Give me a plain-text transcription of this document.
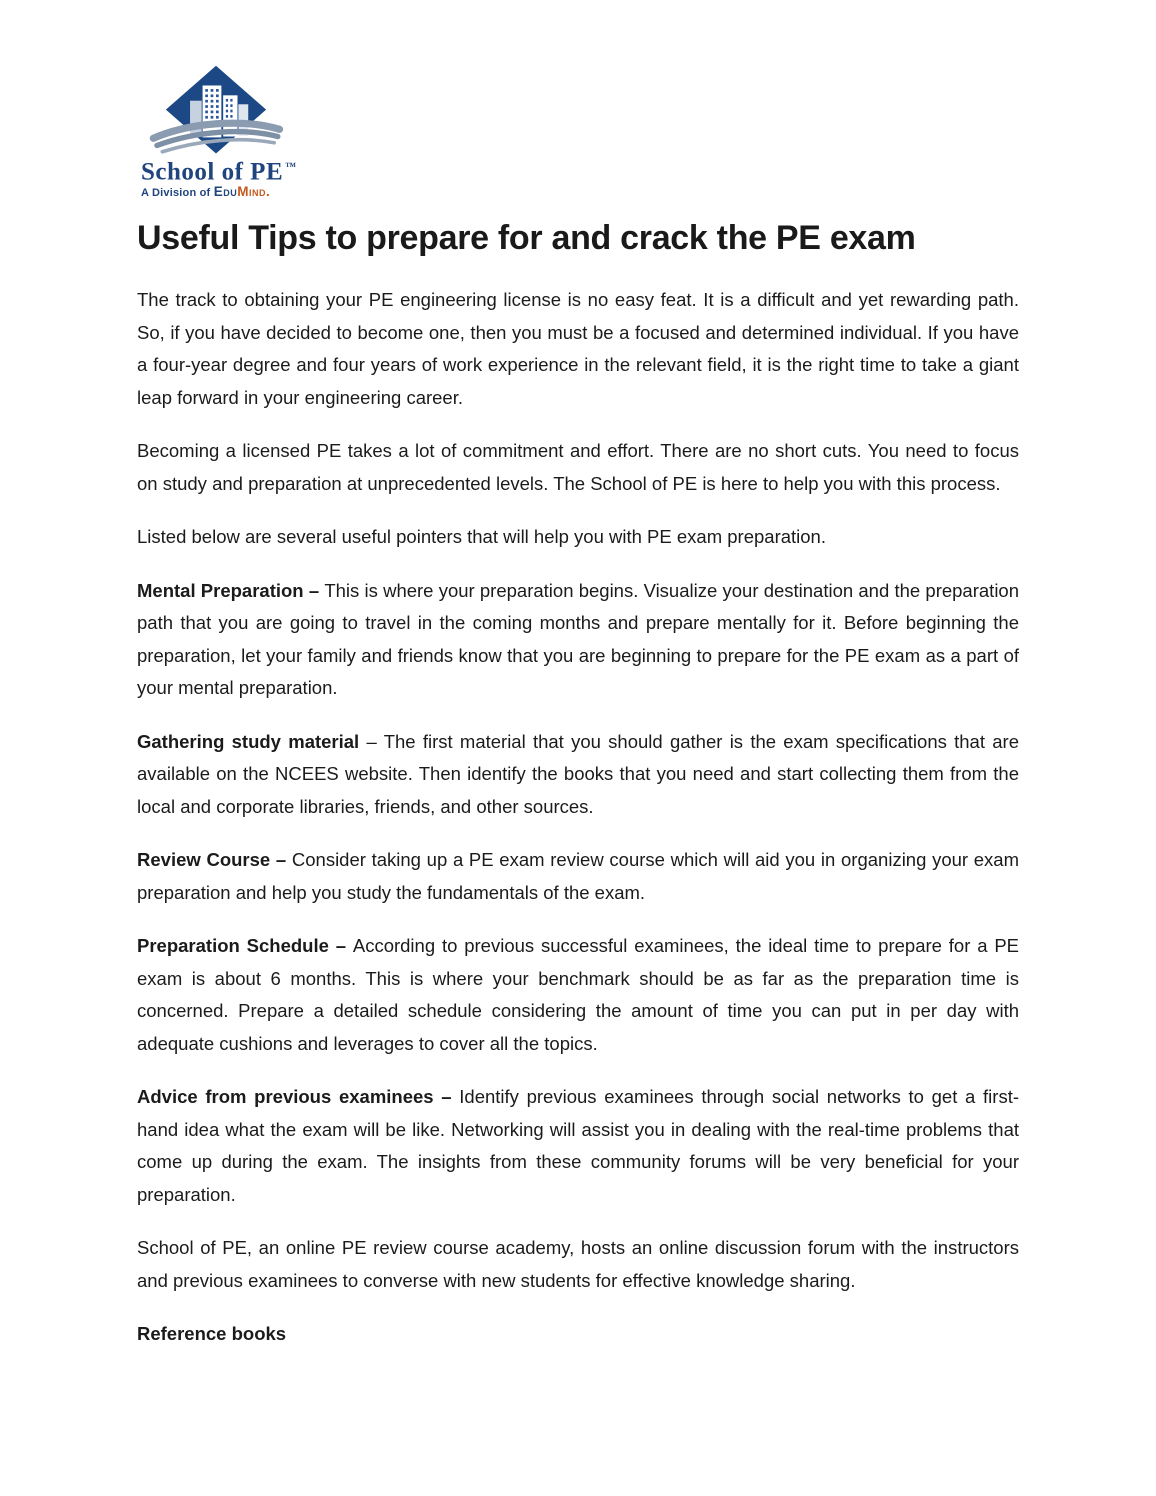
School of PE ™
A Division of EduMind.
Useful Tips to prepare for and crack the PE exam

The track to obtaining your PE engineering license is no easy feat. It is a difficult and yet rewarding path. So, if you have decided to become one, then you must be a focused and determined individual. If you have a four-year degree and four years of work experience in the relevant field, it is the right time to take a giant leap forward in your engineering career.

Becoming a licensed PE takes a lot of commitment and effort. There are no short cuts. You need to focus on study and preparation at unprecedented levels. The School of PE is here to help you with this process.

Listed below are several useful pointers that will help you with PE exam preparation.

Mental Preparation – This is where your preparation begins. Visualize your destination and the preparation path that you are going to travel in the coming months and prepare mentally for it. Before beginning the preparation, let your family and friends know that you are beginning to prepare for the PE exam as a part of your mental preparation.

Gathering study material – The first material that you should gather is the exam specifications that are available on the NCEES website. Then identify the books that you need and start collecting them from the local and corporate libraries, friends, and other sources.

Review Course – Consider taking up a PE exam review course which will aid you in organizing your exam preparation and help you study the fundamentals of the exam.

Preparation Schedule – According to previous successful examinees, the ideal time to prepare for a PE exam is about 6 months. This is where your benchmark should be as far as the preparation time is concerned. Prepare a detailed schedule considering the amount of time you can put in per day with adequate cushions and leverages to cover all the topics.

Advice from previous examinees – Identify previous examinees through social networks to get a first-hand idea what the exam will be like. Networking will assist you in dealing with the real-time problems that come up during the exam. The insights from these community forums will be very beneficial for your preparation.

School of PE, an online PE review course academy, hosts an online discussion forum with the instructors and previous examinees to converse with new students for effective knowledge sharing.

Reference books
